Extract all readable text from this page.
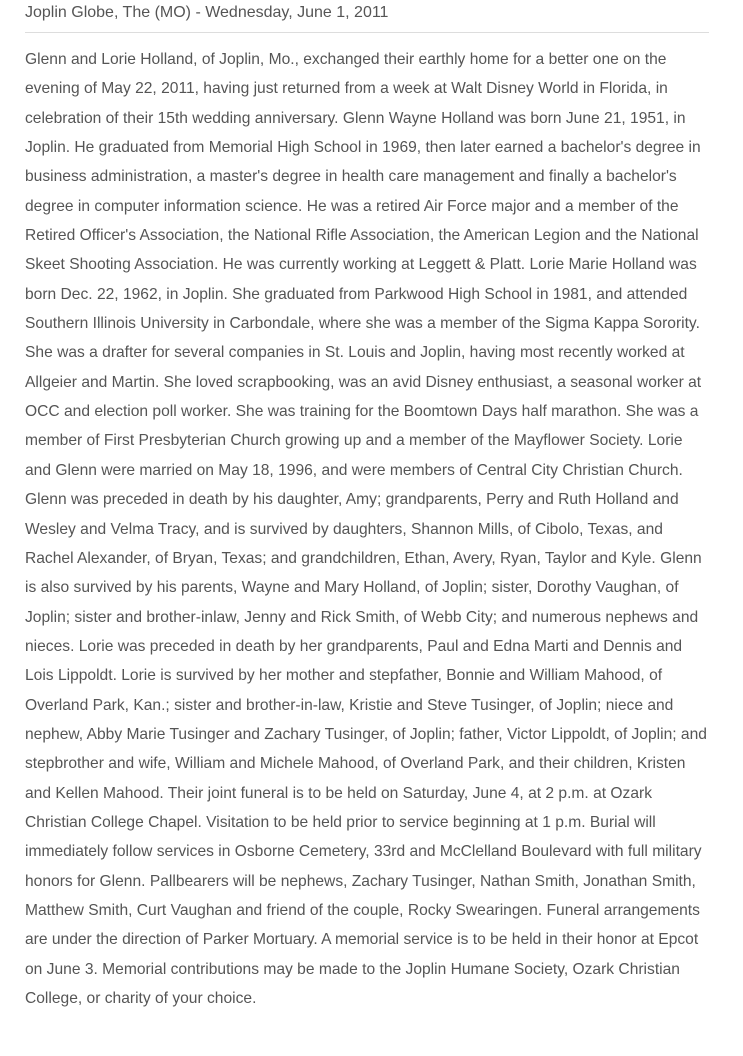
Joplin Globe, The (MO) - Wednesday, June 1, 2011

Glenn and Lorie Holland, of Joplin, Mo., exchanged their earthly home for a better one on the evening of May 22, 2011, having just returned from a week at Walt Disney World in Florida, in celebration of their 15th wedding anniversary. Glenn Wayne Holland was born June 21, 1951, in Joplin. He graduated from Memorial High School in 1969, then later earned a bachelor's degree in business administration, a master's degree in health care management and finally a bachelor's degree in computer information science. He was a retired Air Force major and a member of the Retired Officer's Association, the National Rifle Association, the American Legion and the National Skeet Shooting Association. He was currently working at Leggett & Platt. Lorie Marie Holland was born Dec. 22, 1962, in Joplin. She graduated from Parkwood High School in 1981, and attended Southern Illinois University in Carbondale, where she was a member of the Sigma Kappa Sorority. She was a drafter for several companies in St. Louis and Joplin, having most recently worked at Allgeier and Martin. She loved scrapbooking, was an avid Disney enthusiast, a seasonal worker at OCC and election poll worker. She was training for the Boomtown Days half marathon. She was a member of First Presbyterian Church growing up and a member of the Mayflower Society. Lorie and Glenn were married on May 18, 1996, and were members of Central City Christian Church. Glenn was preceded in death by his daughter, Amy; grandparents, Perry and Ruth Holland and Wesley and Velma Tracy, and is survived by daughters, Shannon Mills, of Cibolo, Texas, and Rachel Alexander, of Bryan, Texas; and grandchildren, Ethan, Avery, Ryan, Taylor and Kyle. Glenn is also survived by his parents, Wayne and Mary Holland, of Joplin; sister, Dorothy Vaughan, of Joplin; sister and brother-inlaw, Jenny and Rick Smith, of Webb City; and numerous nephews and nieces. Lorie was preceded in death by her grandparents, Paul and Edna Marti and Dennis and Lois Lippoldt. Lorie is survived by her mother and stepfather, Bonnie and William Mahood, of Overland Park, Kan.; sister and brother-in-law, Kristie and Steve Tusinger, of Joplin; niece and nephew, Abby Marie Tusinger and Zachary Tusinger, of Joplin; father, Victor Lippoldt, of Joplin; and stepbrother and wife, William and Michele Mahood, of Overland Park, and their children, Kristen and Kellen Mahood. Their joint funeral is to be held on Saturday, June 4, at 2 p.m. at Ozark Christian College Chapel. Visitation to be held prior to service beginning at 1 p.m. Burial will immediately follow services in Osborne Cemetery, 33rd and McClelland Boulevard with full military honors for Glenn. Pallbearers will be nephews, Zachary Tusinger, Nathan Smith, Jonathan Smith, Matthew Smith, Curt Vaughan and friend of the couple, Rocky Swearingen. Funeral arrangements are under the direction of Parker Mortuary. A memorial service is to be held in their honor at Epcot on June 3. Memorial contributions may be made to the Joplin Humane Society, Ozark Christian College, or charity of your choice.
